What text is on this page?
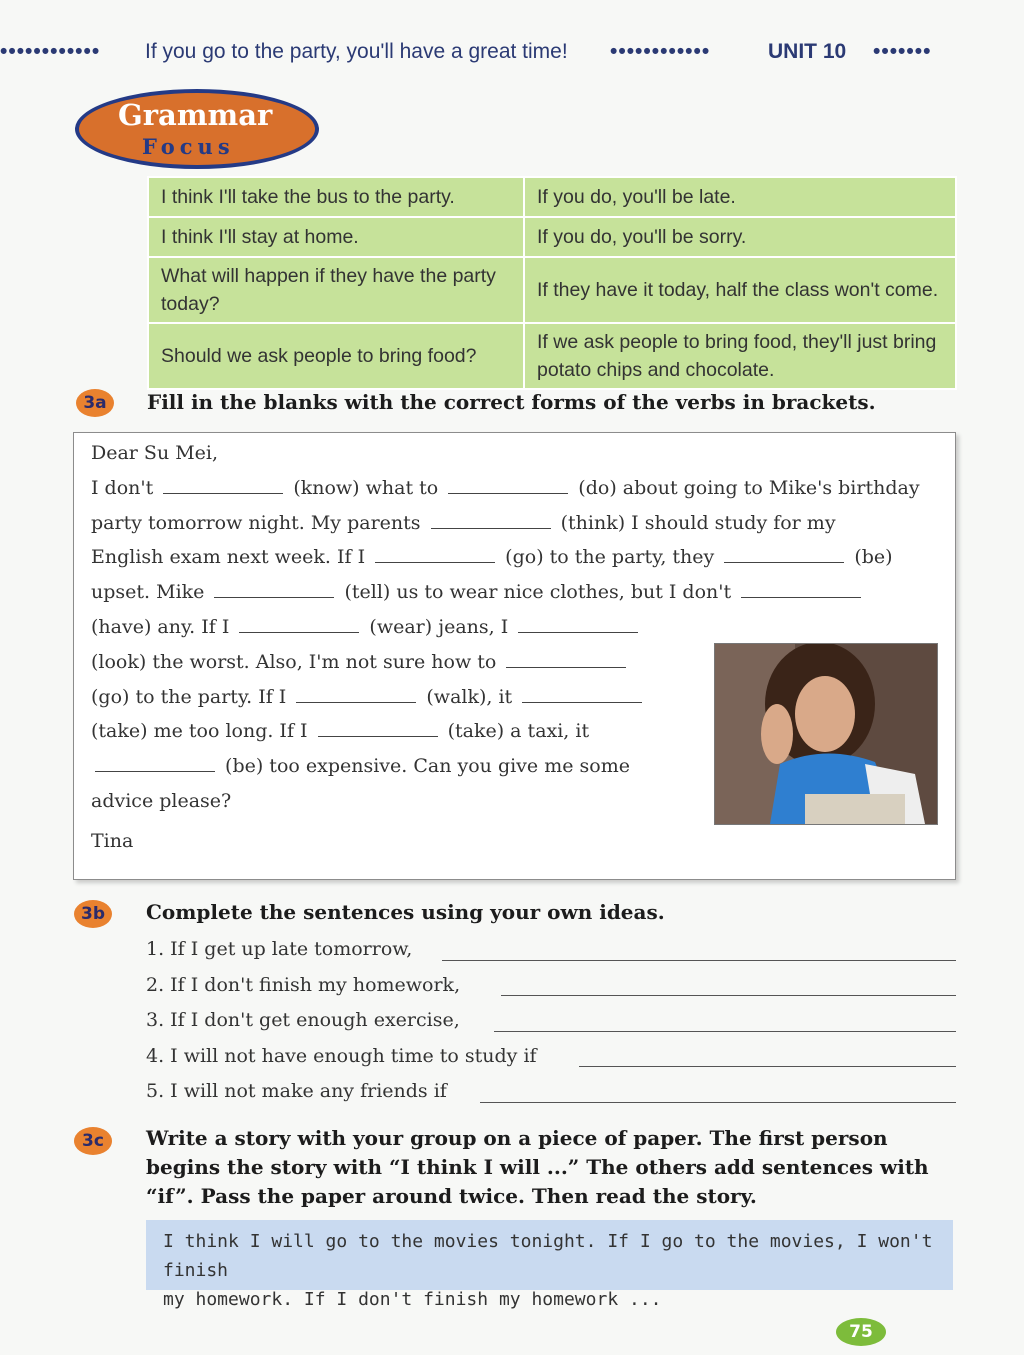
•••••••••••• If you go to the party, you'll have a great time! ••••••••••••	UNIT 10 •••••••
Grammar
Focus
I think I'll take the bus to the party.	If you do, you'll be late.
I think I'll stay at home.	If you do, you'll be sorry.
What will happen if they have the party today?	If they have it today, half the class won't come.
Should we ask people to bring food?	If we ask people to bring food, they'll just bring potato chips and chocolate.
3a	Fill in the blanks with the correct forms of the verbs in brackets.
Dear Su Mei,
I don't	(know) what to	(do) about going to Mike's birthday
party tomorrow night. My parents	(think) I should study for my
English exam next week. If I	(go) to the party, they	(be)
upset. Mike	(tell) us to wear nice clothes, but I don't
(have) any. If I	(wear) jeans, I
(look) the worst. Also, I'm not sure how to
(go) to the party. If I	(walk), it
(take) me too long. If I	(take) a taxi, it
(be) too expensive. Can you give me some
advice please?
Tina
3b	Complete the sentences using your own ideas.
1. If I get up late tomorrow,
2. If I don't finish my homework,
3. If I don't get enough exercise,
4. I will not have enough time to study if
5. I will not make any friends if
3c	Write a story with your group on a piece of paper. The first person
begins the story with “I think I will ...” The others add sentences with
“if”. Pass the paper around twice. Then read the story.
I think I will go to the movies tonight. If I go to the movies, I won't finish
my homework. If I don't finish my homework ...
75
